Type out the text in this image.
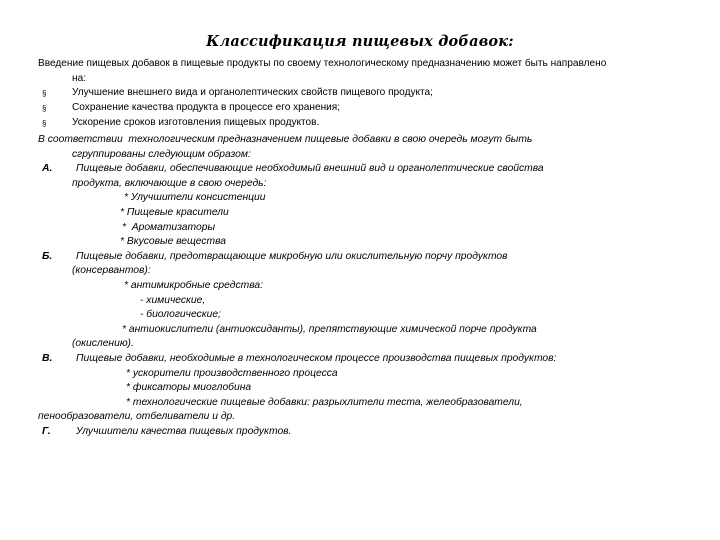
Классификация пищевых добавок:
Введение пищевых добавок в пищевые продукты по своему технологическому предназначению может быть направлено
на:
§	Улучшение внешнего вида и органолептических свойств пищевого продукта;
§	Сохранение качества продукта в процессе его хранения;
§	Ускорение сроков изготовления пищевых продуктов.
В соответствии  технологическим предназначением пищевые добавки в свою очередь могут быть
сгруппированы следующим образом:
А.	Пищевые добавки, обеспечивающие необходимый внешний вид и органолептические свойства
продукта, включающие в свою очередь:
* Улучшители консистенции
* Пищевые красители
*  Ароматизаторы
* Вкусовые вещества
Б.	Пищевые добавки, предотвращающие микробную или окислительную порчу продуктов
(консервантов):
* антимикробные средства:
- химические,
- биологические;
* антиокислители (антиоксиданты), препятствующие химической порче продукта
(окислению).
В.	Пищевые добавки, необходимые в технологическом процессе производства пищевых продуктов:
* ускорители производственного процесса
* фиксаторы миоглобина
* технологические пищевые добавки: разрыхлители теста, желеобразователи,
пенообразователи, отбеливатели и др.
Г.	Улучшители качества пищевых продуктов.
